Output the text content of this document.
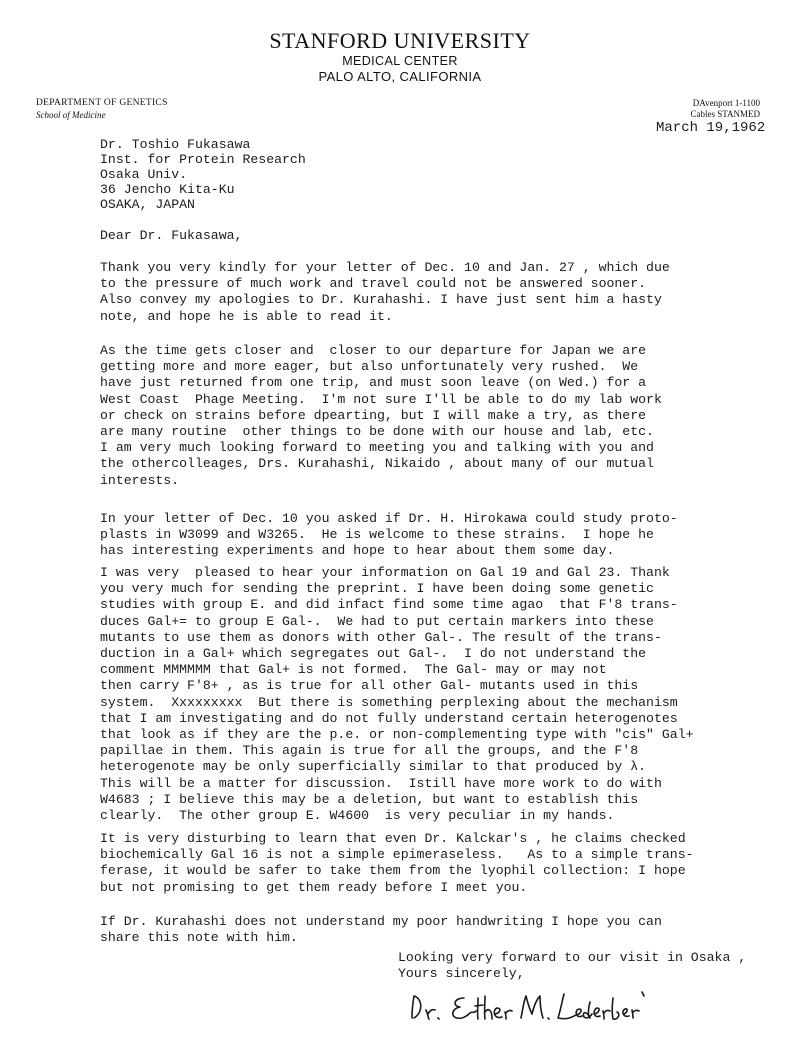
STANFORD UNIVERSITY
MEDICAL CENTER
PALO ALTO, CALIFORNIA
DEPARTMENT OF GENETICS
School of Medicine
DAvenport 1-1100
Cables STANMED
March 19,1962
Dr. Toshio Fukasawa
Inst. for Protein Research
Osaka Univ.
36 Jencho Kita-Ku
OSAKA, JAPAN
Dear Dr. Fukasawa,
Thank you very kindly for your letter of Dec. 10 and Jan. 27 , which due
to the pressure of much work and travel could not be answered sooner.
Also convey my apologies to Dr. Kurahashi. I have just sent him a hasty
note, and hope he is able to read it.
As the time gets closer and  closer to our departure for Japan we are
getting more and more eager, but also unfortunately very rushed.  We
have just returned from one trip, and must soon leave (on Wed.) for a
West Coast  Phage Meeting.  I'm not sure I'll be able to do my lab work
or check on strains before dpearting, but I will make a try, as there
are many routine  other things to be done with our house and lab, etc.
I am very much looking forward to meeting you and talking with you and
the othercolleages, Drs. Kurahashi, Nikaido , about many of our mutual
interests.
In your letter of Dec. 10 you asked if Dr. H. Hirokawa could study proto-
plasts in W3099 and W3265.  He is welcome to these strains.  I hope he
has interesting experiments and hope to hear about them some day.
I was very  pleased to hear your information on Gal 19 and Gal 23. Thank
you very much for sending the preprint. I have been doing some genetic
studies with group E. and did infact find some time agao  that F'8 trans-
duces Gal+= to group E Gal-.  We had to put certain markers into these
mutants to use them as donors with other Gal-. The result of the trans-
duction in a Gal+ which segregates out Gal-.  I do not understand the
comment MMMMMM that Gal+ is not formed.  The Gal- may or may not
then carry F'8+ , as is true for all other Gal- mutants used in this
system.  Xxxxxxxxx  But there is something perplexing about the mechanism
that I am investigating and do not fully understand certain heterogenotes
that look as if they are the p.e. or non-complementing type with "cis" Gal+
papillae in them. This again is true for all the groups, and the F'8
heterogenote may be only superficially similar to that produced by λ.
This will be a matter for discussion.  Istill have more work to do with
W4683 ; I believe this may be a deletion, but want to establish this
clearly.  The other group E. W4600  is very peculiar in my hands.
It is very disturbing to learn that even Dr. Kalckar's , he claims checked
biochemically Gal 16 is not a simple epimeraseless.   As to a simple trans-
ferase, it would be safer to take them from the lyophil collection: I hope
but not promising to get them ready before I meet you.
If Dr. Kurahashi does not understand my poor handwriting I hope you can
share this note with him.
Looking very forward to our visit in Osaka ,
Yours sincerely,
